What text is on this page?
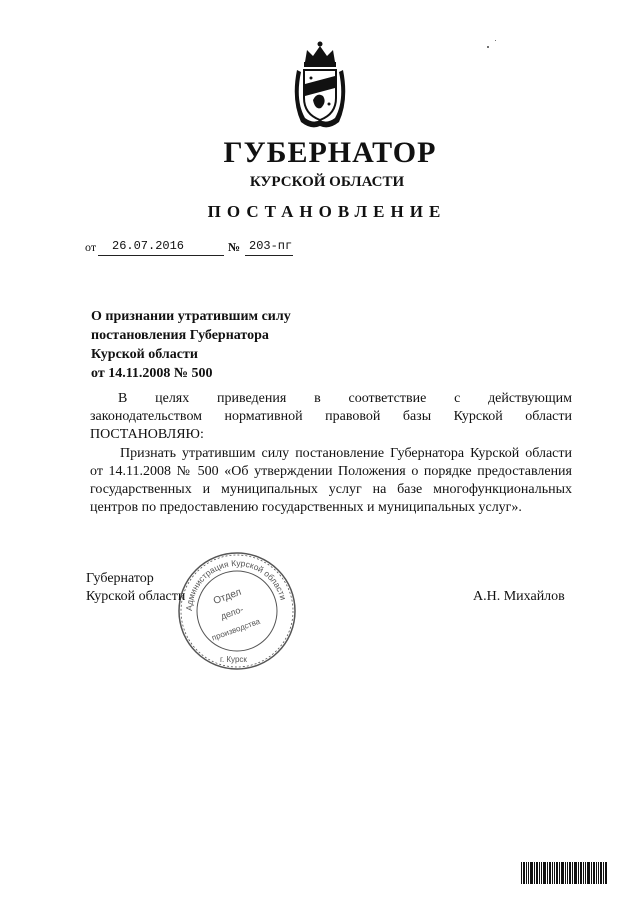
ГУБЕРНАТОР
КУРСКОЙ ОБЛАСТИ
ПОСТАНОВЛЕНИЕ
от 26.07.2016	№ 203-пг
О признании утратившим силу
постановления Губернатора
Курской области
от 14.11.2008 № 500
В целях приведения в соответствие с действующим
законодательством нормативной правовой базы Курской области
ПОСТАНОВЛЯЮ:
Признать утратившим силу постановление Губернатора Курской области от 14.11.2008 № 500 «Об утверждении Положения о порядке предоставления государственных и муниципальных услуг на базе многофункциональных центров по предоставлению государственных и муниципальных услуг».
Администрация Курской области
Отдел
дело-
производства
г. Курск
Губернатор
Курской области	А.Н. Михайлов
